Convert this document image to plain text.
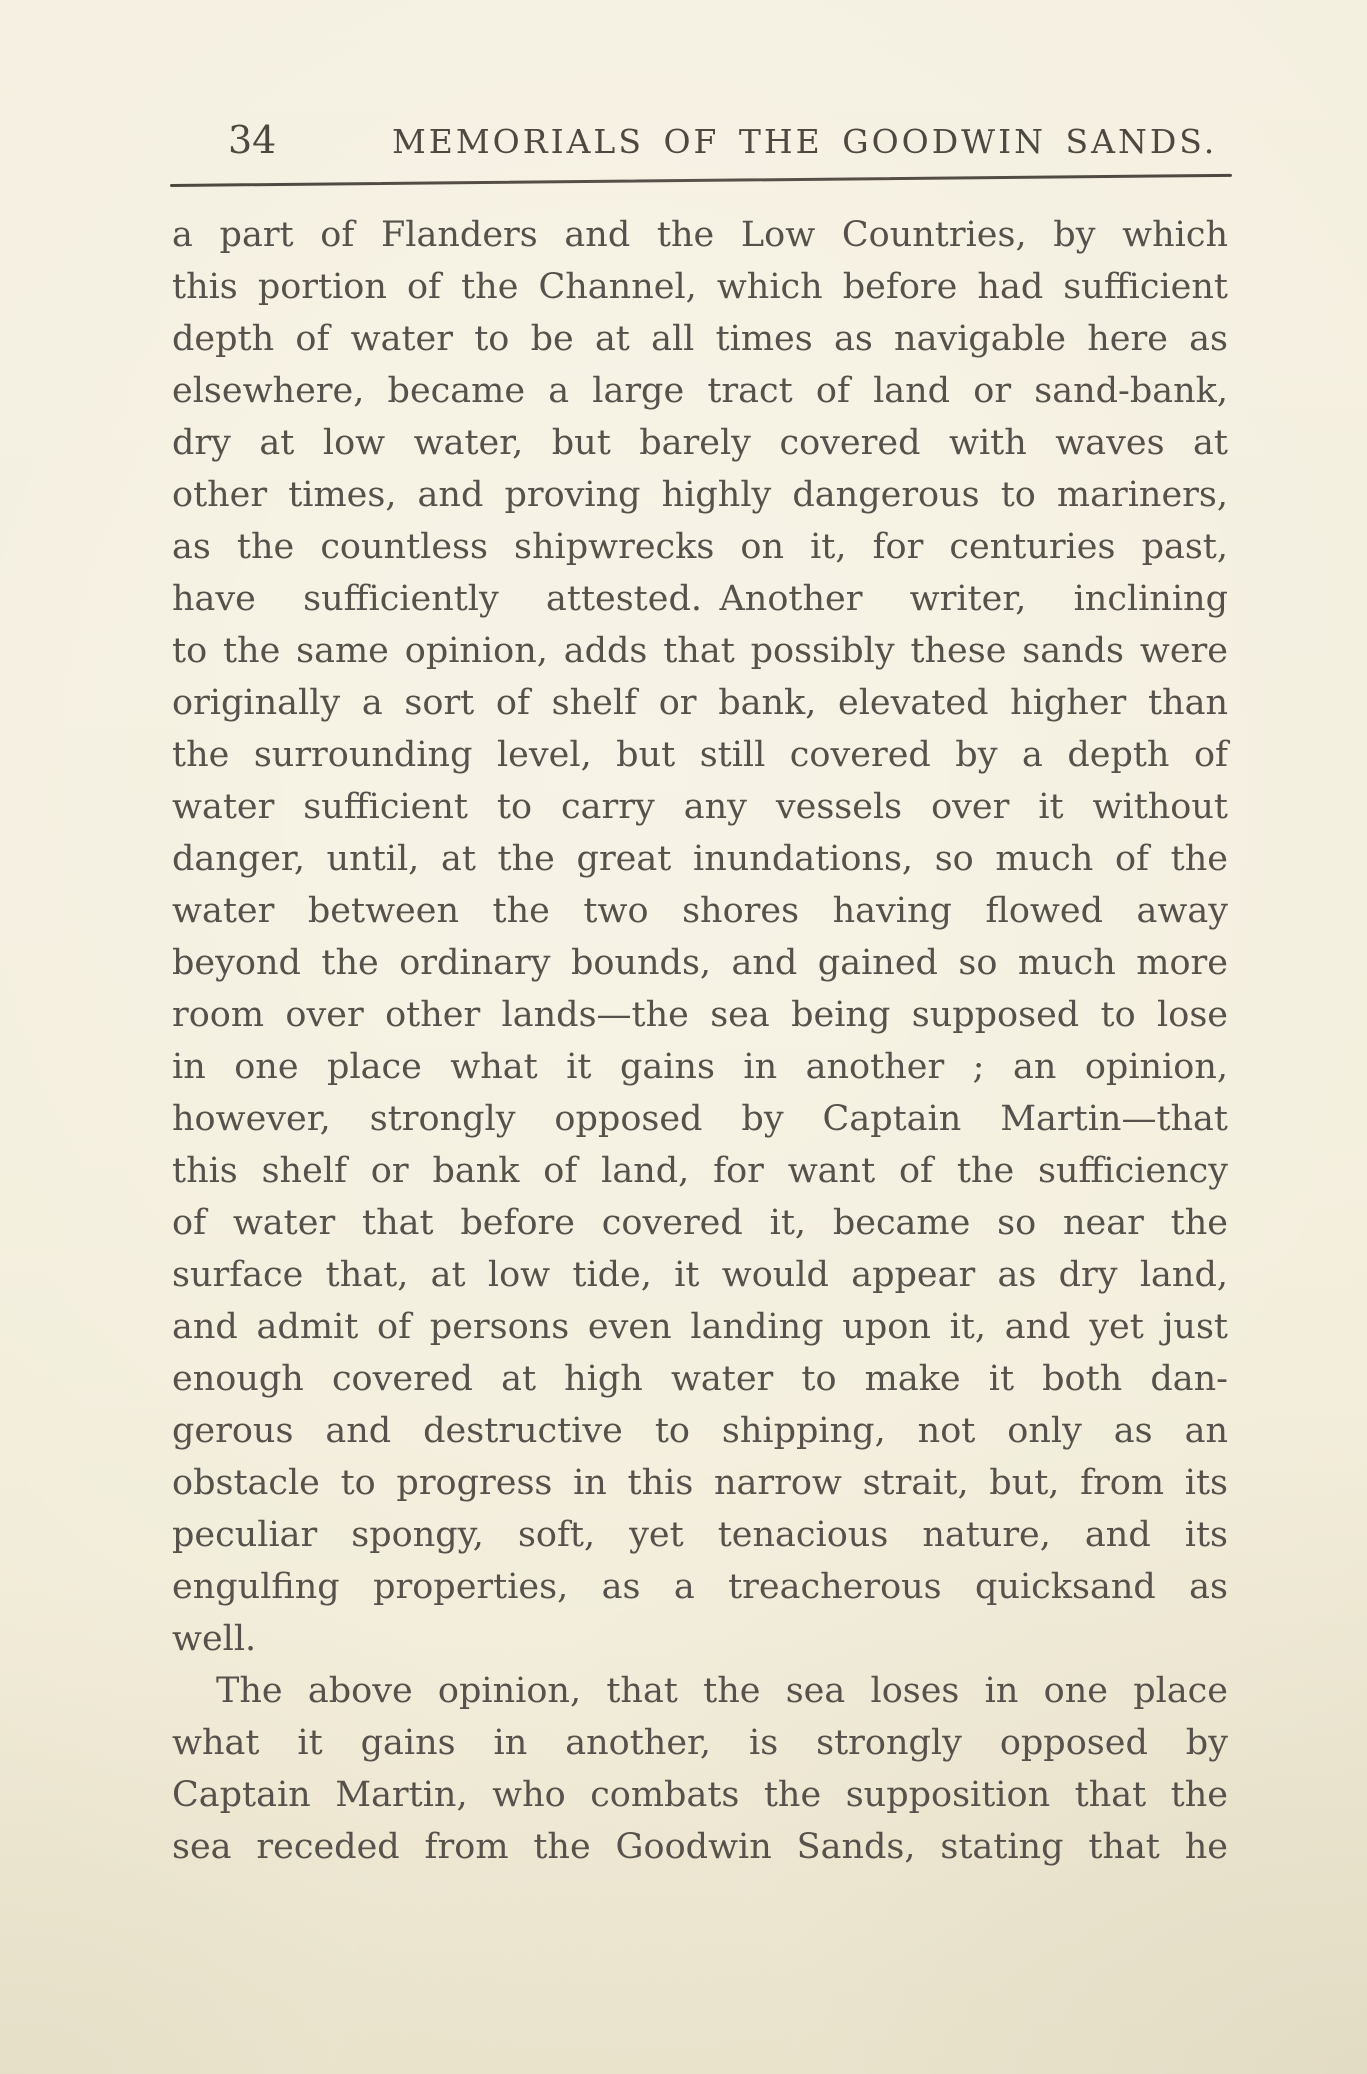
34	MEMORIALS OF THE GOODWIN SANDS.
a part of Flanders and the Low Countries, by which
this portion of the Channel, which before had sufficient
depth of water to be at all times as navigable here as
elsewhere, became a large tract of land or sand-bank,
dry at low water, but barely covered with waves at
other times, and proving highly dangerous to mariners,
as the countless shipwrecks on it, for centuries past,
have sufficiently attested. Another writer, inclining
to the same opinion, adds that possibly these sands were
originally a sort of shelf or bank, elevated higher than
the surrounding level, but still covered by a depth of
water sufficient to carry any vessels over it without
danger, until, at the great inundations, so much of the
water between the two shores having flowed away
beyond the ordinary bounds, and gained so much more
room over other lands—the sea being supposed to lose
in one place what it gains in another ; an opinion,
however, strongly opposed by Captain Martin—that
this shelf or bank of land, for want of the sufficiency
of water that before covered it, became so near the
surface that, at low tide, it would appear as dry land,
and admit of persons even landing upon it, and yet just
enough covered at high water to make it both dan-
gerous and destructive to shipping, not only as an
obstacle to progress in this narrow strait, but, from its
peculiar spongy, soft, yet tenacious nature, and its
engulfing properties, as a treacherous quicksand as
well.
The above opinion, that the sea loses in one place
what it gains in another, is strongly opposed by
Captain Martin, who combats the supposition that the
sea receded from the Goodwin Sands, stating that he
